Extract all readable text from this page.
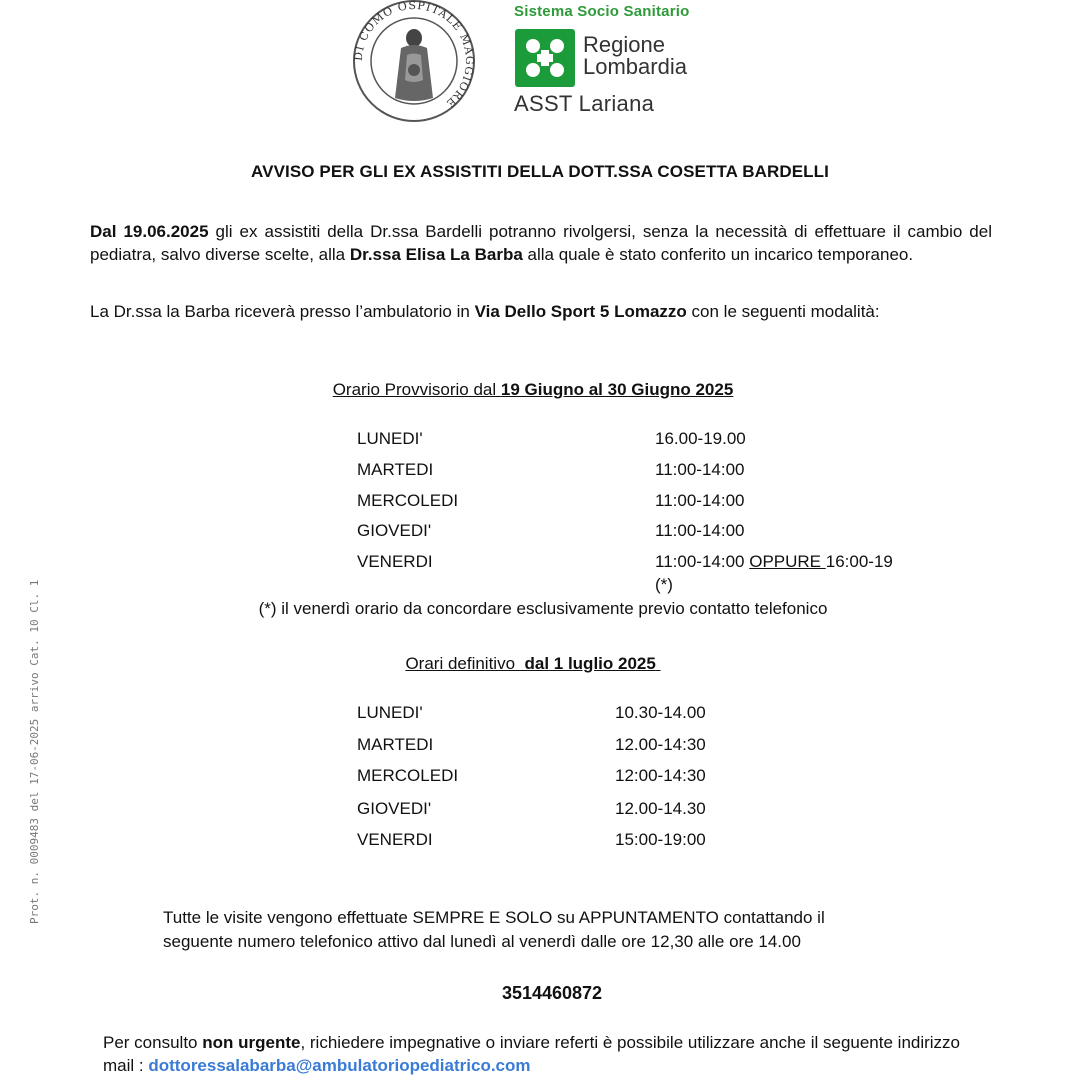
DI COMO OSPITALE MAGGIORE
Sistema Socio Sanitario
Regione
Lombardia
ASST Lariana
AVVISO PER GLI EX ASSISTITI DELLA DOTT.SSA COSETTA BARDELLI
Dal 19.06.2025 gli ex assistiti della Dr.ssa Bardelli potranno rivolgersi, senza la necessità di effettuare il cambio del pediatra, salvo diverse scelte, alla Dr.ssa Elisa La Barba alla quale è stato conferito un incarico temporaneo.
La Dr.ssa la Barba riceverà presso l’ambulatorio in Via Dello Sport 5 Lomazzo con le seguenti modalità:
Orario Provvisorio dal 19 Giugno al 30 Giugno 2025
LUNEDI'	16.00-19.00
MARTEDI	11:00-14:00
MERCOLEDI	11:00-14:00
GIOVEDI'	11:00-14:00
VENERDI	11:00-14:00 OPPURE 16:00-19
(*)
(*) il venerdì orario da concordare esclusivamente previo contatto telefonico
Orari definitivo  dal 1 luglio 2025
LUNEDI'	10.30-14.00
MARTEDI	12.00-14:30
MERCOLEDI	12:00-14:30
GIOVEDI'	12.00-14.30
VENERDI	15:00-19:00
Tutte le visite vengono effettuate SEMPRE E SOLO su APPUNTAMENTO contattando il
seguente numero telefonico attivo dal lunedì al venerdì dalle ore 12,30 alle ore 14.00
3514460872
Per consulto non urgente, richiedere impegnative o inviare referti è possibile utilizzare anche il seguente indirizzo mail : dottoressalabarba@ambulatoriopediatrico.com
Prot. n. 0009483 del 17-06-2025 arrivo Cat. 10 Cl. 1
